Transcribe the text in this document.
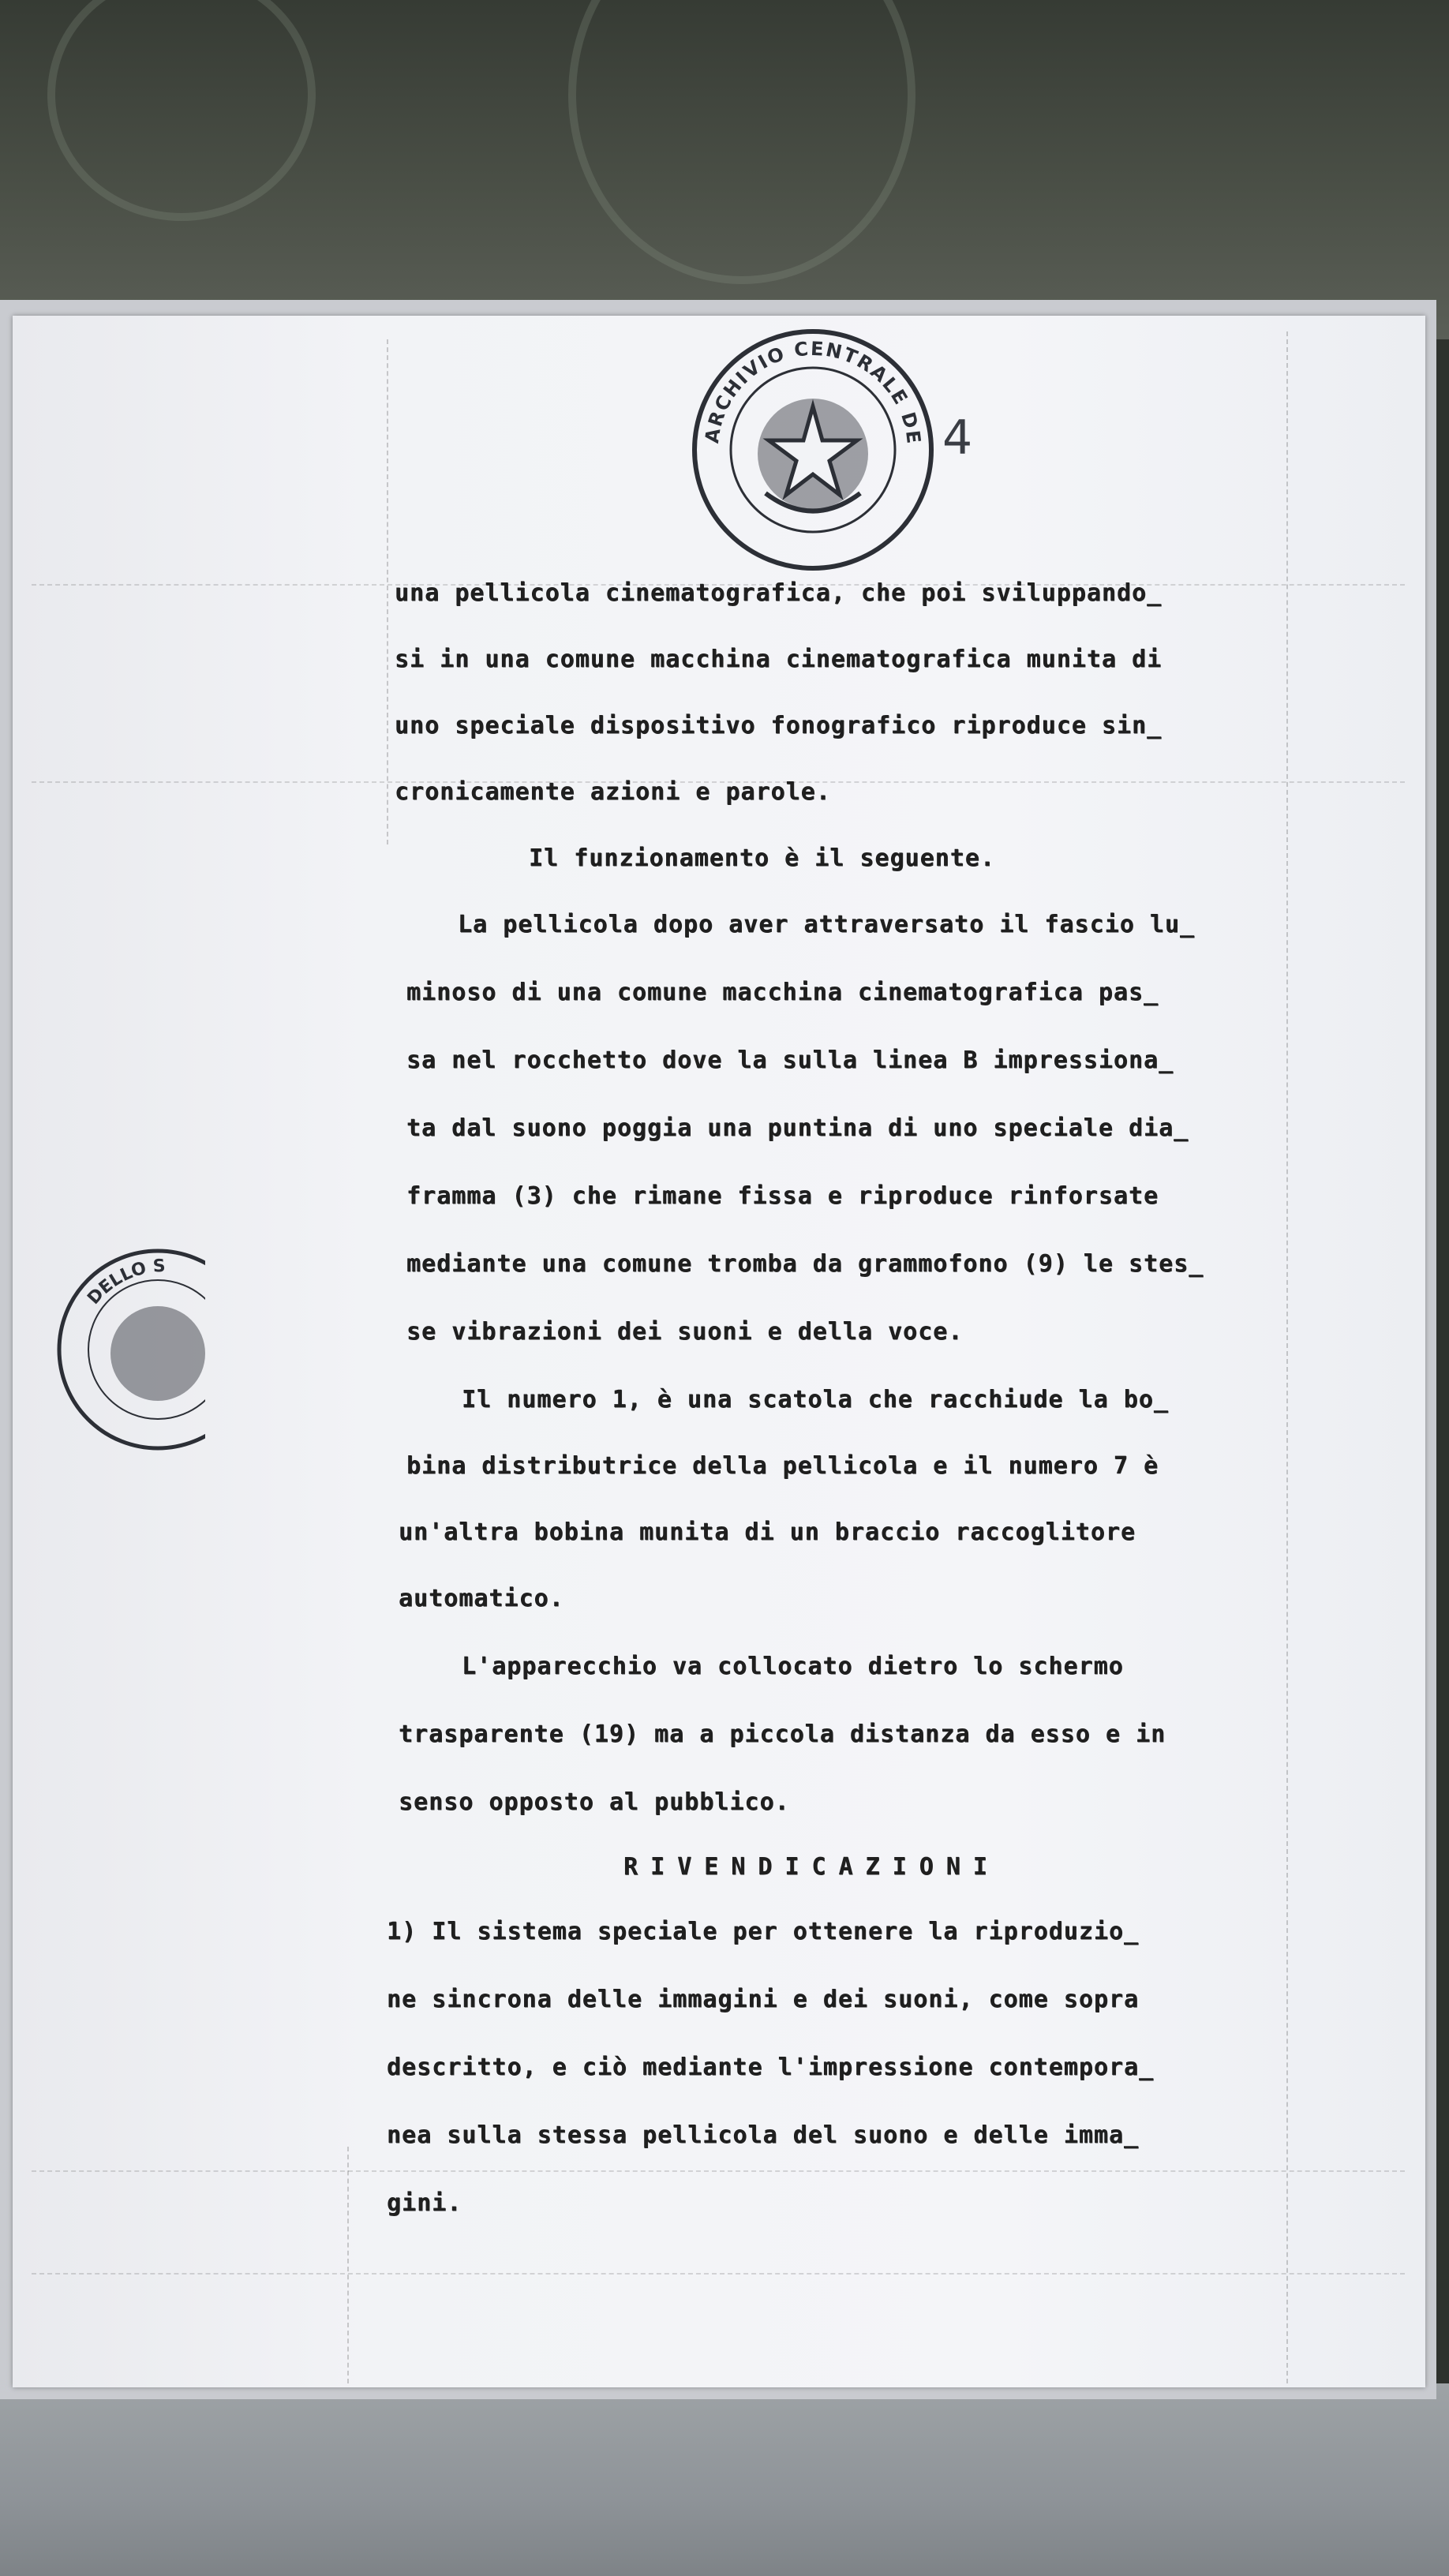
ARCHIVIO CENTRALE DE 4
DELLO S
una pellicola cinematografica, che poi sviluppando_
si in una comune macchina cinematografica munita di
uno speciale dispositivo fonografico riproduce sin_
cronicamente azioni e parole.
Il funzionamento è il seguente.
La pellicola dopo aver attraversato il fascio lu_
minoso di una comune macchina cinematografica pas_
sa nel rocchetto dove la sulla linea B impressiona_
ta dal suono poggia una puntina di uno speciale dia_
framma (3) che rimane fissa e riproduce rinforsate
mediante una comune tromba da grammofono (9) le stes_
se vibrazioni dei suoni e della voce.
Il numero 1, è una scatola che racchiude la bo_
bina distributrice della pellicola e il numero 7 è
un'altra bobina munita di un braccio raccoglitore
automatico.
L'apparecchio va collocato dietro lo schermo
trasparente (19) ma a piccola distanza da esso e in
senso opposto al pubblico.
RIVENDICAZIONI
1) Il sistema speciale per ottenere la riproduzio_
ne sincrona delle immagini e dei suoni, come sopra
descritto, e ciò mediante l'impressione contempora_
nea sulla stessa pellicola del suono e delle imma_
gini.
